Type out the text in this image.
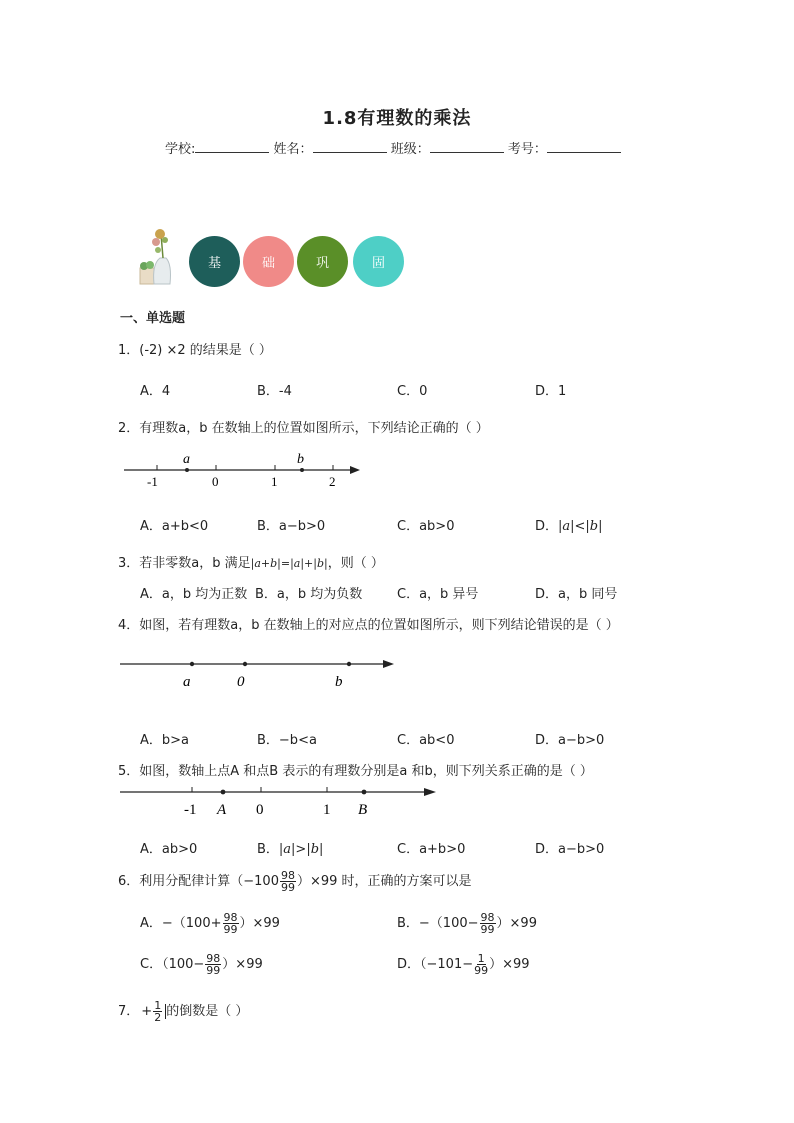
1.8有理数的乘法
学校:	姓名：	班级：	考号：
基	础	巩	固
一、单选题
1．(-2) ×2 的结果是（ ）
A．4	B．-4	C．0	D．1
2．有理数a，b 在数轴上的位置如图所示，下列结论正确的（ ）
a	b
-1	0	1	2
A．a+b<0	B．a−b>0	C．ab>0	D．|a|<|b|
3．若非零数a，b 满足|a+b|=|a|+|b|，则（ ）
A．a，b 均为正数 B．a，b 均为负数	C．a，b 异号	D．a，b 同号
4．如图，若有理数a，b 在数轴上的对应点的位置如图所示，则下列结论错误的是（ ）
a	0	b
A．b>a	B．−b<a	C．ab<0	D．a−b>0
5．如图，数轴上点A 和点B 表示的有理数分别是a 和b，则下列关系正确的是（ ）
-1 A 0	1 B
A．ab>0	B．|a|>|b|	C．a+b>0	D．a−b>0
6．利用分配律计算$(-100 \frac{98}{99} )\times 99$ 时，正确的方案可以是
A．$-(100+ \frac{98}{99} )\times 99$	B．$-(100- \frac{98}{99} )\times 99$
C．$(100- \frac{98}{99} )\times 99$	D．$(-101- \frac{1}{99} )\times 99$
7． + $\frac{1}{2}$ 的倒数是（ ）
